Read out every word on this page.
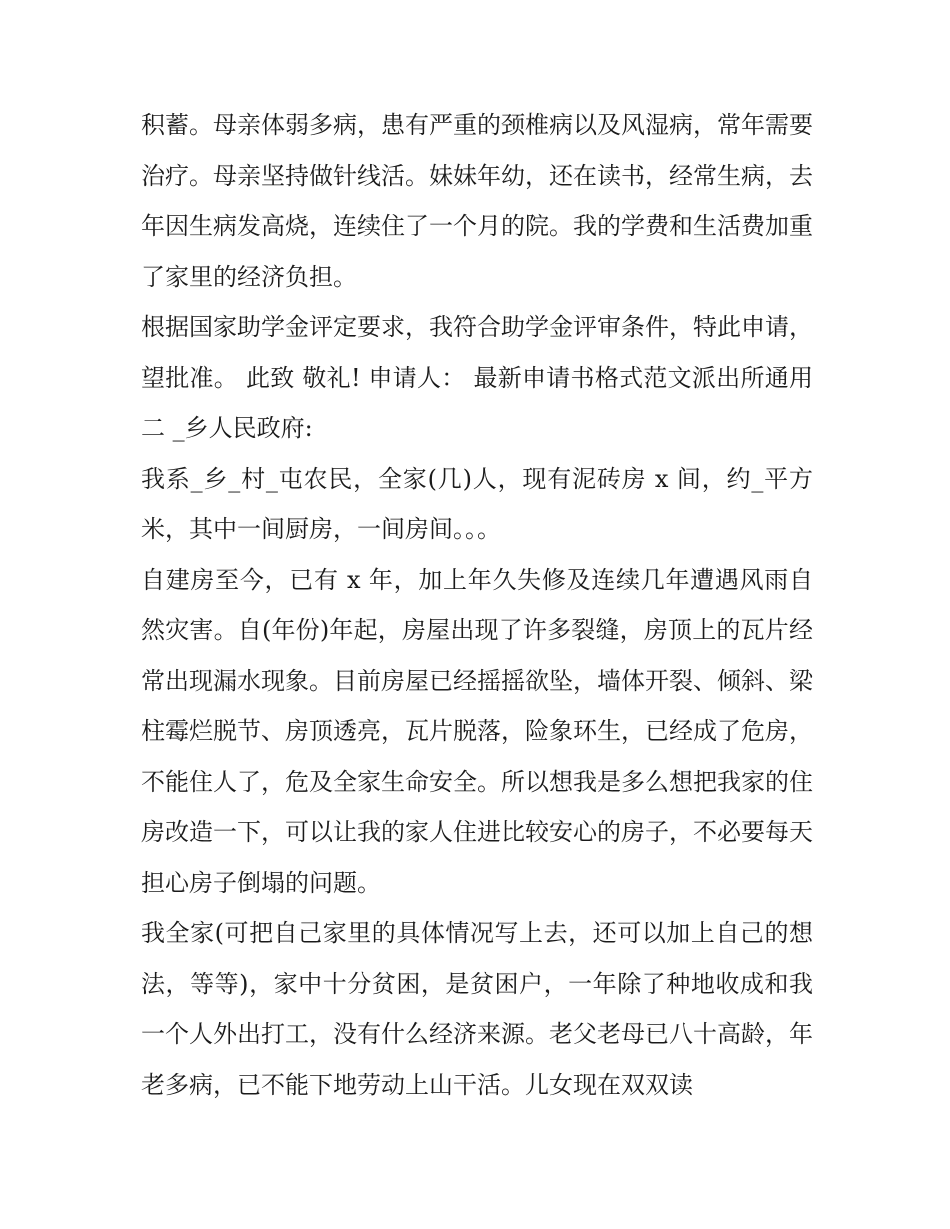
积蓄。母亲体弱多病，患有严重的颈椎病以及风湿病，常年需要治疗。母亲坚持做针线活。妹妹年幼，还在读书，经常生病，去年因生病发高烧，连续住了一个月的院。我的学费和生活费加重了家里的经济负担。

根据国家助学金评定要求，我符合助学金评审条件，特此申请，望批准。 此致 敬礼! 申请人： 最新申请书格式范文派出所通用二 _乡人民政府:

我系_乡_村_屯农民，全家(几)人，现有泥砖房 x 间，约_平方米，其中一间厨房，一间房间。。。

自建房至今，已有 x 年，加上年久失修及连续几年遭遇风雨自然灾害。自(年份)年起，房屋出现了许多裂缝，房顶上的瓦片经常出现漏水现象。目前房屋已经摇摇欲坠，墙体开裂、倾斜、梁柱霉烂脱节、房顶透亮，瓦片脱落，险象环生，已经成了危房，不能住人了，危及全家生命安全。所以想我是多么想把我家的住房改造一下，可以让我的家人住进比较安心的房子，不必要每天担心房子倒塌的问题。

我全家(可把自己家里的具体情况写上去，还可以加上自己的想法，等等)，家中十分贫困，是贫困户，一年除了种地收成和我一个人外出打工，没有什么经济来源。老父老母已八十高龄，年老多病，已不能下地劳动上山干活。儿女现在双双读
